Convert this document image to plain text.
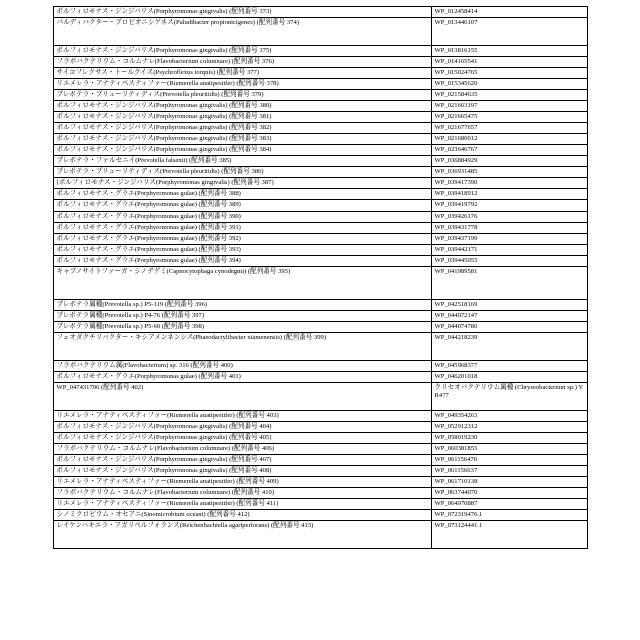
ポルフィロモナス・ジンジバリス(Porphyromonas gingivalis) (配列番号 373)	WP_012458414
パルディバクター・プロピオニシゲネス(Paludibacter propionicigenes) (配列番号 374)	WP_013446107
ポルフィロモナス・ジンジバリス(Porphyromonas gingivalis) (配列番号 375)	WP_013816155
フラボバクテリウム・コルムナレ(Flavobacterium columnare) (配列番号 376)	WP_014165541
サイコフレクサス・トールクイス(Psychroflexus torquis) (配列番号 377)	WP_015024765
リエメレラ・アナティペスティファー(Riemerella anatipestifer) (配列番号 378)	WP_015345620
プレボテラ・プリューリティディス(Prevotella pleuritidis) (配列番号 379)	WP_021584635
ポルフィロモナス・ジンジバリス(Porphyromonas gingivalis) (配列番号 380)	WP_021663197
ポルフィロモナス・ジンジバリス(Porphyromonas gingivalis) (配列番号 381)	WP_021665475
ポルフィロモナス・ジンジバリス(Porphyromonas gingivalis) (配列番号 382)	WP_021677657
ポルフィロモナス・ジンジバリス(Porphyromonas gingivalis) (配列番号 383)	WP_021680012
ポルフィロモナス・ジンジバリス(Porphyromonas gingivalis) (配列番号 384)	WP_023646767
プレボテラ・ファルセニイ(Prevotella falsenii) (配列番号 385)	WP_036884929
プレボテラ・プリューリティディス(Prevotella pleuritidis) (配列番号 386)	WP_036931485
[ポルフィロモナス・ジンジバリス(Porphyromonas gingivalis) (配列番号 387)	WP_039417390
ポルフィロモナス・グラエ(Porphyromonas gulae) (配列番号 388)	WP_039418912
ポルフィロモナス・グラエ(Porphyromonas gulae) (配列番号 389)	WP_039419792
ポルフィロモナス・グラエ(Porphyromonas gulae) (配列番号 390)	WP_039426176
ポルフィロモナス・グラエ(Porphyromonas gulae) (配列番号 391)	WP_039431778
ポルフィロモナス・グラエ(Porphyromonas gulae) (配列番号 392)	WP_039437199
ポルフィロモナス・グラエ(Porphyromonas gulae) (配列番号 393)	WP_039442171
ポルフィロモナス・グラエ(Porphyromonas gulae) (配列番号 394)	WP_039445055
キャプノサイトファーガ・シノデグミ(Capnocytophaga cynodegmi) (配列番号 395)	WP_041989581
プレボテラ属種(Prevotella sp.) P5-119 (配列番号 396)	WP_042518169
プレボテラ属種(Prevotella sp.) P4-76 (配列番号 397)	WP_044072147
プレボテラ属種(Prevotella sp.) P5-60 (配列番号 398)	WP_044074780
フェオダクチリバクター・キシアメンネンシス(Phaeodactylibacter xiamenensis) (配列番号 399)	WP_044218239
フラボバクテリウム属(Flavobacterium) sp. 316 (配列番号 400)	WP_045968377
ポルフィロモナス・グラエ(Porphyromonas gulae) (配列番号 401)	WP_046201018
WP_047431796 (配列番号 402)	クリセオバクテリウム属種 (Chryseobacterium sp.) YR477
リエメレラ・アナティペスティファー(Riemerella anatipestifer) (配列番号 403)	WP_049354263
ポルフィロモナス・ジンジバリス(Porphyromonas gingivalis) (配列番号 404)	WP_052912312
ポルフィロモナス・ジンジバリス(Porphyromonas gingivalis) (配列番号 405)	WP_058019230
フラボバクテリウム・コルムナレ(Flavobacterium columnare) (配列番号 406)	WP_060381855
ポルフィロモナス・ジンジバリス(Porphyromonas gingivalis) (配列番号 407)	WP_061156470
ポルフィロモナス・ジンジバリス(Porphyromonas gingivalis) (配列番号 408)	WP_061156637
リエメレラ・アナティペスティファー(Riemerella anatipestifer) (配列番号 409)	WP_061710138
フラボバクテリウム・コルムナレ(Flavobacterium columnare) (配列番号 410)	WP_063744070
リエメレラ・アナティペスティファー(Riemerella anatipestifer) (配列番号 411)	WP_064970887
シノミクロビウム・オセアニ(Sinomicrobium oceani) (配列番号 412)	WP_072319476.1
レイケンバキエラ・アガリペルフォランス(Reichenbachiella agariperforans) (配列番号 413)	WP_073124441.1
